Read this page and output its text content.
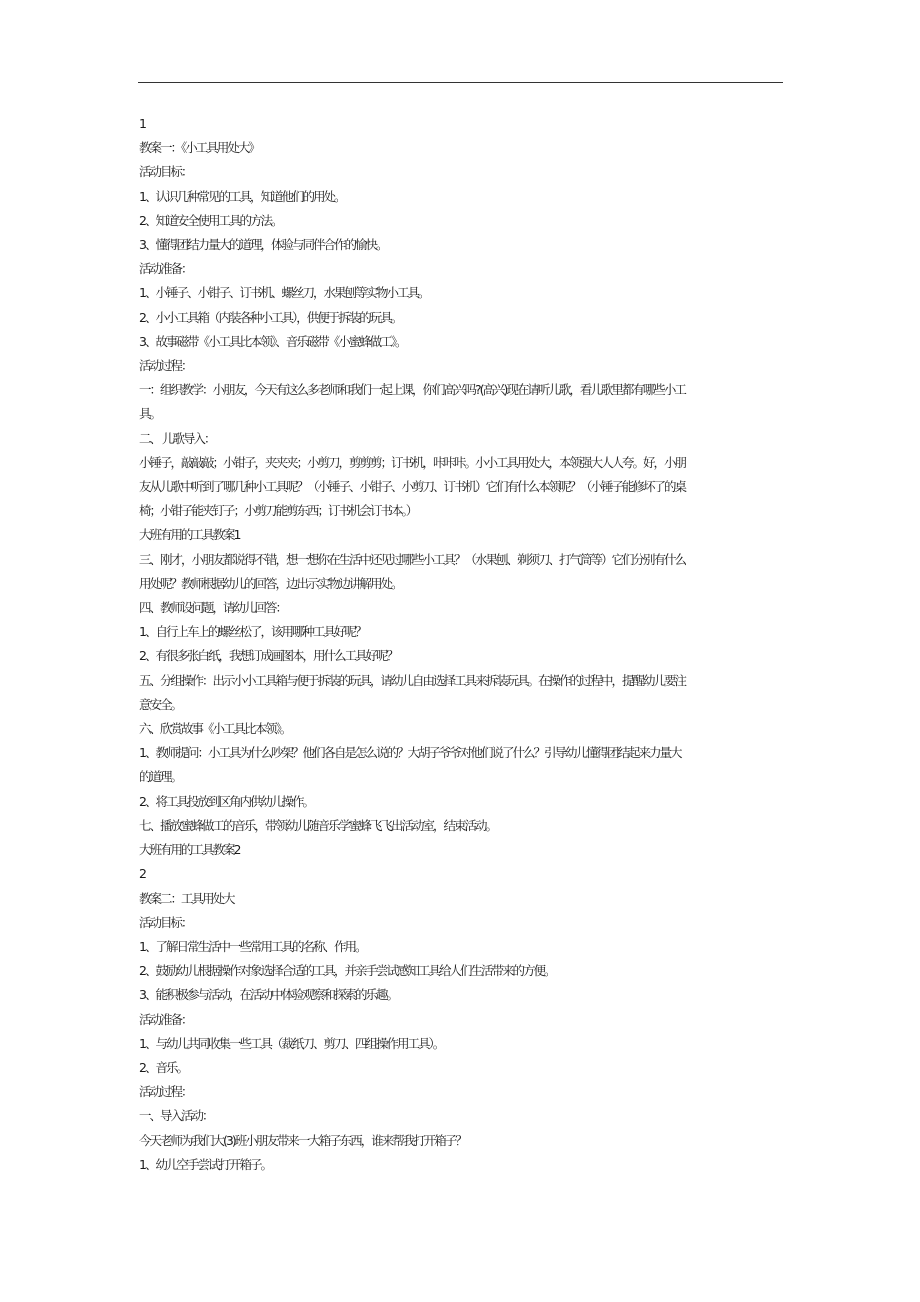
1
教案一：《小工具用处大》
活动目标：
1、认识几种常见的工具，知道他们的用处。
2、知道安全使用工具的方法。
3、懂得团结力量大的道理，体验与同伴合作的愉快。
活动准备：
1、小锤子、小钳子、订书机、螺丝刀，水果刨等实物小工具。
2、小小工具箱（内装各种小工具），供便于拆装的玩具。
3、故事磁带《小工具比本领》、音乐磁带《小蜜蜂做工》。
活动过程：
一：组织教学：小朋友，今天有这么多老师和我们一起上课，你们高兴吗?(高兴)现在请听儿歌，看儿歌里都有哪些小工
具。
二、 儿歌导入：
小锤子，敲敲敲；小钳子，夹夹夹；小剪刀，剪剪剪；订书机，咔咔咔。小小工具用处大，本领强大人人夸。好，小朋
友从儿歌中听到了哪几种小工具呢？（小锤子、小钳子、小剪刀、订书机）它们有什么本领呢？（小锤子能修坏了的桌
椅；小钳子能夹钉子；小剪刀能剪东西；订书机会订书本。）
大班有用的工具教案1
三、刚才，小朋友都说得不错，想一想你在生活中还见过哪些小工具？（水果刨、剃须刀、打气筒等）它们分别有什么
用处呢？教师根据幼儿的回答，边出示实物边讲解用处。
四、教师设问题，请幼儿回答：
1、自行上车上的螺丝松了，该用哪种工具好呢？
2、有很多张白纸，我想订成画图本，用什么工具好呢？
五、分组操作：出示小小工具箱与便于拆装的玩具，请幼儿自由选择工具来拆装玩具。在操作的过程中，提醒幼儿要注
意安全。
六、欣赏故事《小工具比本领》。
1、教师提问：小工具为什么吵架？他们各自是怎么说的？大胡子爷爷对他们说了什么？引导幼儿懂得团结起来力量大
的道理。
2、将工具投放到区角内供幼儿操作。
七、播放蜜蜂做工的音乐，带领幼儿随音乐学蜜蜂飞飞出活动室，结束活动。
大班有用的工具教案2
2
教案二：工具用处大
活动目标：
1、了解日常生活中一些常用工具的名称、作用。
2、鼓励幼儿根据操作对象选择合适的工具，并亲手尝试感知工具给人们生活带来的方便。
3、能积极参与活动，在活动中体验观察和探索的乐趣。
活动准备：
1、与幼儿共同收集一些工具（裁纸刀、剪刀、四组操作用工具）。
2、音乐。
活动过程：
一、导入活动：
今天老师为我们大(3)班小朋友带来一大箱子东西，谁来帮我打开箱子？
1、幼儿空手尝试打开箱子。
